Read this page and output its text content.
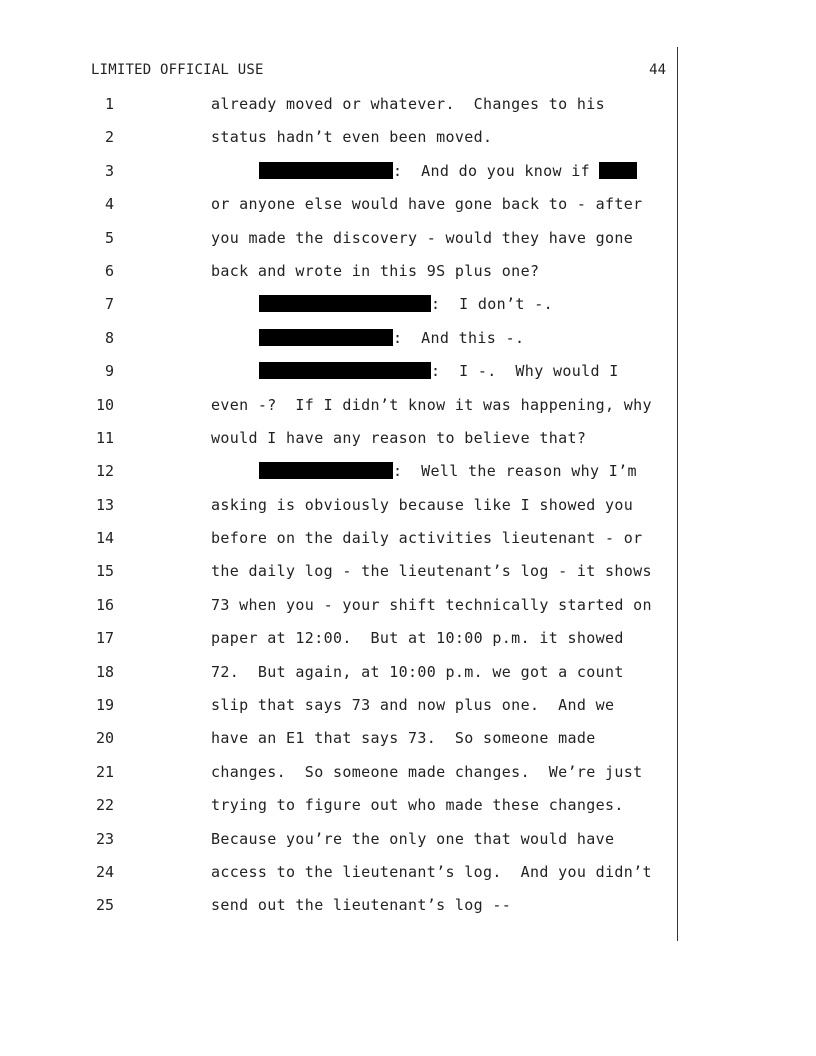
LIMITED OFFICIAL USE	44
1	already moved or whatever.  Changes to his
2	status hadn’t even been moved.
3	:  And do you know if
4	or anyone else would have gone back to - after
5	you made the discovery - would they have gone
6	back and wrote in this 9S plus one?
7	:  I don’t -.
8	:  And this -.
9	:  I -.  Why would I
10	even -?  If I didn’t know it was happening, why
11	would I have any reason to believe that?
12	:  Well the reason why I’m
13	asking is obviously because like I showed you
14	before on the daily activities lieutenant - or
15	the daily log - the lieutenant’s log - it shows
16	73 when you - your shift technically started on
17	paper at 12:00.  But at 10:00 p.m. it showed
18	72.  But again, at 10:00 p.m. we got a count
19	slip that says 73 and now plus one.  And we
20	have an E1 that says 73.  So someone made
21	changes.  So someone made changes.  We’re just
22	trying to figure out who made these changes.
23	Because you’re the only one that would have
24	access to the lieutenant’s log.  And you didn’t
25	send out the lieutenant’s log --
